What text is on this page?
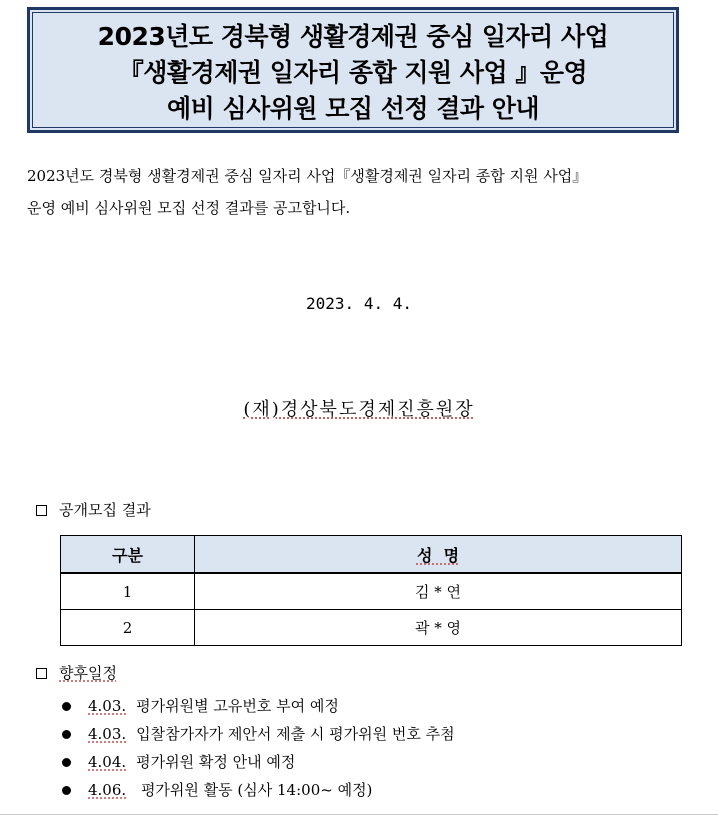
2023년도 경북형 생활경제권 중심 일자리 사업
『생활경제권 일자리 종합 지원 사업 』운영
예비 심사위원 모집 선정 결과 안내
2023년도 경북형 생활경제권 중심 일자리 사업『생활경제권 일자리 종합 지원 사업』
운영 예비 심사위원 모집 선정 결과를 공고합니다.
2023. 4. 4.
(재)경상북도경제진흥원장
공개모집 결과
구분	성  명
1	김 * 연
2	곽 * 영
향후일정
4.03. 평가위원별 고유번호 부여 예정
4.03. 입찰참가자가 제안서 제출 시 평가위원 번호 추첨
4.04. 평가위원 확정 안내 예정
4.06. 평가위원 활동 (심사 14:00~ 예정)
